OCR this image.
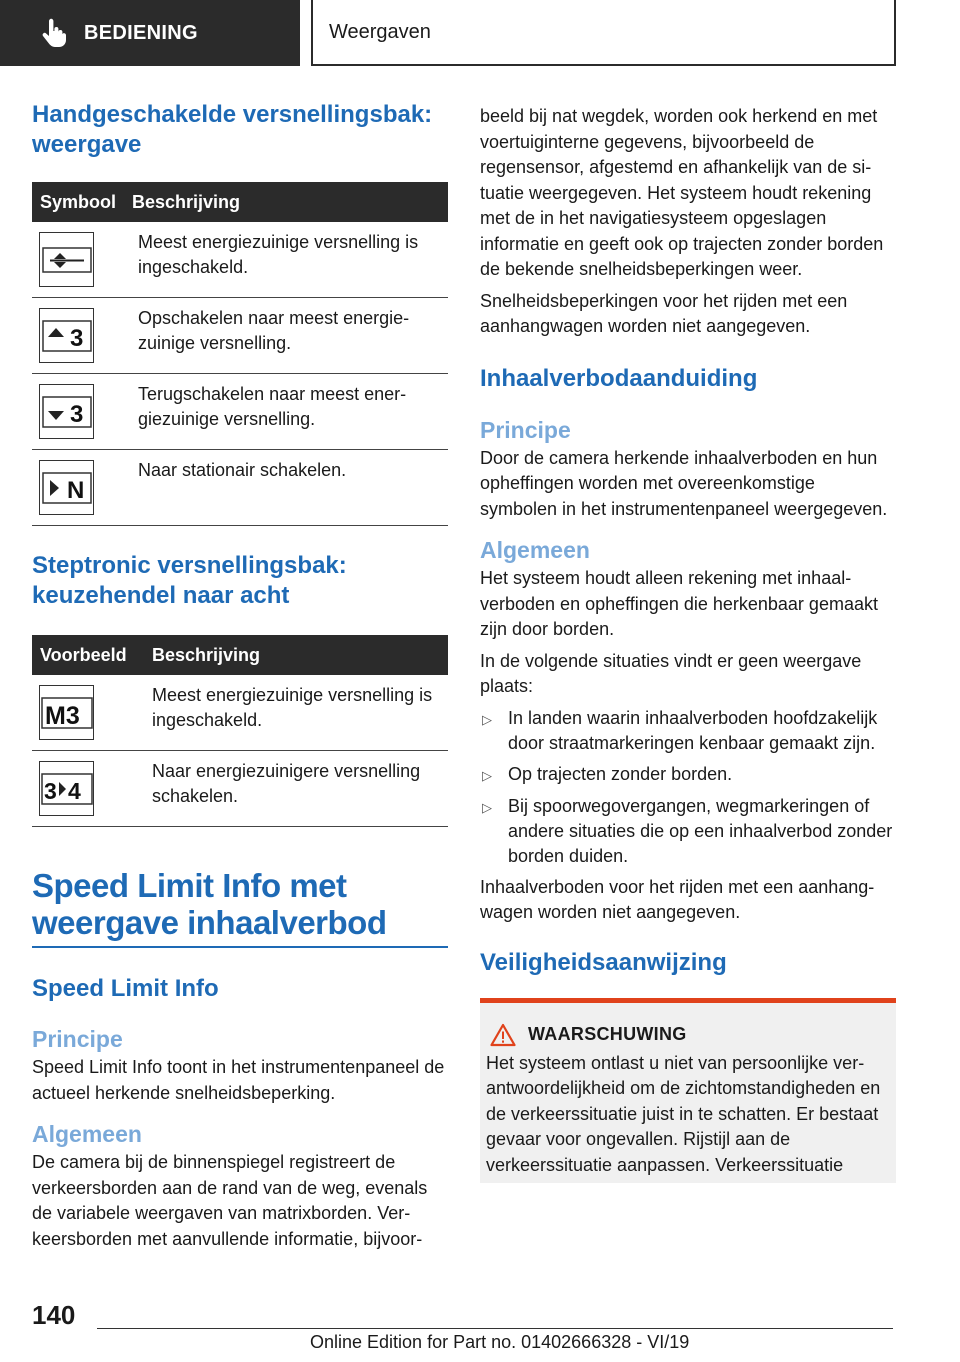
BEDIENING	Weergaven
Handgeschakelde versnellingsbak: weergave
Symbool Beschrijving
Meest energiezuinige versnelling is ingeschakeld.
3
Opschakelen naar meest energiezuinige versnelling.
3
Terugschakelen naar meest energiezuinige versnelling.
N
Naar stationair schakelen.
Steptronic versnellingsbak: keuzehendel naar acht
Voorbeeld	Beschrijving
M3
Meest energiezuinige versnelling is ingeschakeld.
3 4
Naar energiezuinigere versnelling schakelen.
Speed Limit Info met weergave inhaalverbod
Speed Limit Info
Principe
Speed Limit Info toont in het instrumentenpaneel de actueel herkende snelheidsbeperking.
Algemeen
De camera bij de binnenspiegel registreert de verkeersborden aan de rand van de weg, evenals de variabele weergaven van matrixborden. Verkeersborden met aanvullende informatie, bijvoor-
beeld bij nat wegdek, worden ook herkend en met voertuiginterne gegevens, bijvoorbeeld de regensensor, afgestemd en afhankelijk van de situatie weergegeven. Het systeem houdt rekening met de in het navigatiesysteem opgeslagen informatie en geeft ook op trajecten zonder borden de bekende snelheidsbeperkingen weer.
Snelheidsbeperkingen voor het rijden met een aanhangwagen worden niet aangegeven.
Inhaalverbodaanduiding
Principe
Door de camera herkende inhaalverboden en hun opheffingen worden met overeenkomstige symbolen in het instrumentenpaneel weergegeven.
Algemeen
Het systeem houdt alleen rekening met inhaalverboden en opheffingen die herkenbaar gemaakt zijn door borden.
In de volgende situaties vindt er geen weergave plaats:
▷ In landen waarin inhaalverboden hoofdzakelijk door straatmarkeringen kenbaar gemaakt zijn.
▷ Op trajecten zonder borden.
▷ Bij spoorwegovergangen, wegmarkeringen of andere situaties die op een inhaalverbod zonder borden duiden.
Inhaalverboden voor het rijden met een aanhangwagen worden niet aangegeven.
Veiligheidsaanwijzing
WAARSCHUWING
Het systeem ontlast u niet van persoonlijke verantwoordelijkheid om de zichtomstandigheden en de verkeerssituatie juist in te schatten. Er bestaat gevaar voor ongevallen. Rijstijl aan de verkeerssituatie aanpassen. Verkeerssituatie
140
Online Edition for Part no. 01402666328 - VI/19
